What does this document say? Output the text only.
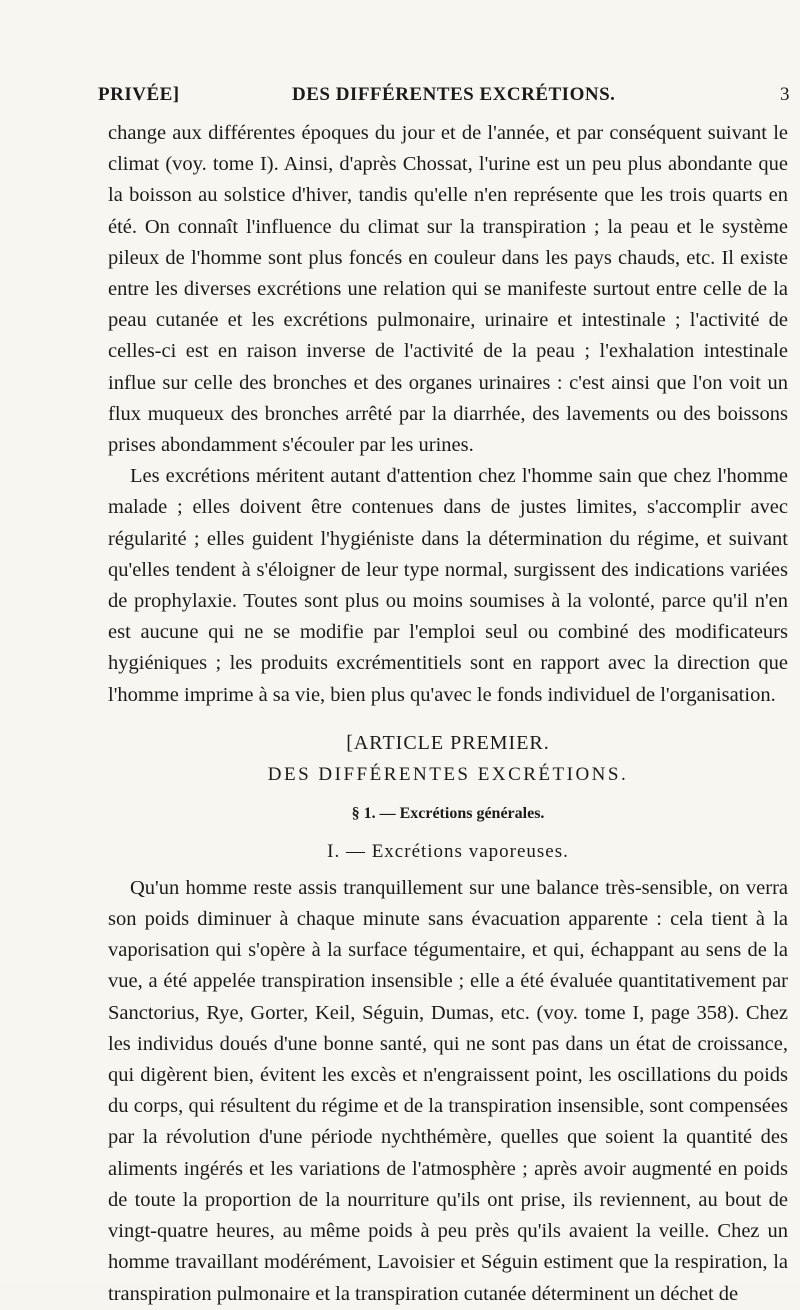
PRIVÉE]	DES DIFFÉRENTES EXCRÉTIONS.	3

change aux différentes époques du jour et de l'année, et par conséquent suivant le climat (voy. tome I). Ainsi, d'après Chossat, l'urine est un peu plus abondante que la boisson au solstice d'hiver, tandis qu'elle n'en représente que les trois quarts en été. On connaît l'influence du climat sur la transpiration ; la peau et le système pileux de l'homme sont plus foncés en couleur dans les pays chauds, etc. Il existe entre les diverses excrétions une relation qui se manifeste surtout entre celle de la peau cutanée et les excrétions pulmonaire, urinaire et intestinale ; l'activité de celles-ci est en raison inverse de l'activité de la peau ; l'exhalation intestinale influe sur celle des bronches et des organes urinaires : c'est ainsi que l'on voit un flux muqueux des bronches arrêté par la diarrhée, des lavements ou des boissons prises abondamment s'écouler par les urines.

Les excrétions méritent autant d'attention chez l'homme sain que chez l'homme malade ; elles doivent être contenues dans de justes limites, s'accomplir avec régularité ; elles guident l'hygiéniste dans la détermination du régime, et suivant qu'elles tendent à s'éloigner de leur type normal, surgissent des indications variées de prophylaxie. Toutes sont plus ou moins soumises à la volonté, parce qu'il n'en est aucune qui ne se modifie par l'emploi seul ou combiné des modificateurs hygiéniques ; les produits excrémentitiels sont en rapport avec la direction que l'homme imprime à sa vie, bien plus qu'avec le fonds individuel de l'organisation.

[ARTICLE PREMIER.
DES DIFFÉRENTES EXCRÉTIONS.
§ 1. — Excrétions générales.
I. — Excrétions vaporeuses.

Qu'un homme reste assis tranquillement sur une balance très-sensible, on verra son poids diminuer à chaque minute sans évacuation apparente : cela tient à la vaporisation qui s'opère à la surface tégumentaire, et qui, échappant au sens de la vue, a été appelée transpiration insensible ; elle a été évaluée quantitativement par Sanctorius, Rye, Gorter, Keil, Séguin, Dumas, etc. (voy. tome I, page 358). Chez les individus doués d'une bonne santé, qui ne sont pas dans un état de croissance, qui digèrent bien, évitent les excès et n'engraissent point, les oscillations du poids du corps, qui résultent du régime et de la transpiration insensible, sont compensées par la révolution d'une période nychthémère, quelles que soient la quantité des aliments ingérés et les variations de l'atmosphère ; après avoir augmenté en poids de toute la proportion de la nourriture qu'ils ont prise, ils reviennent, au bout de vingt-quatre heures, au même poids à peu près qu'ils avaient la veille. Chez un homme travaillant modérément, Lavoisier et Séguin estiment que la respiration, la transpiration pulmonaire et la transpiration cutanée déterminent un déchet de
